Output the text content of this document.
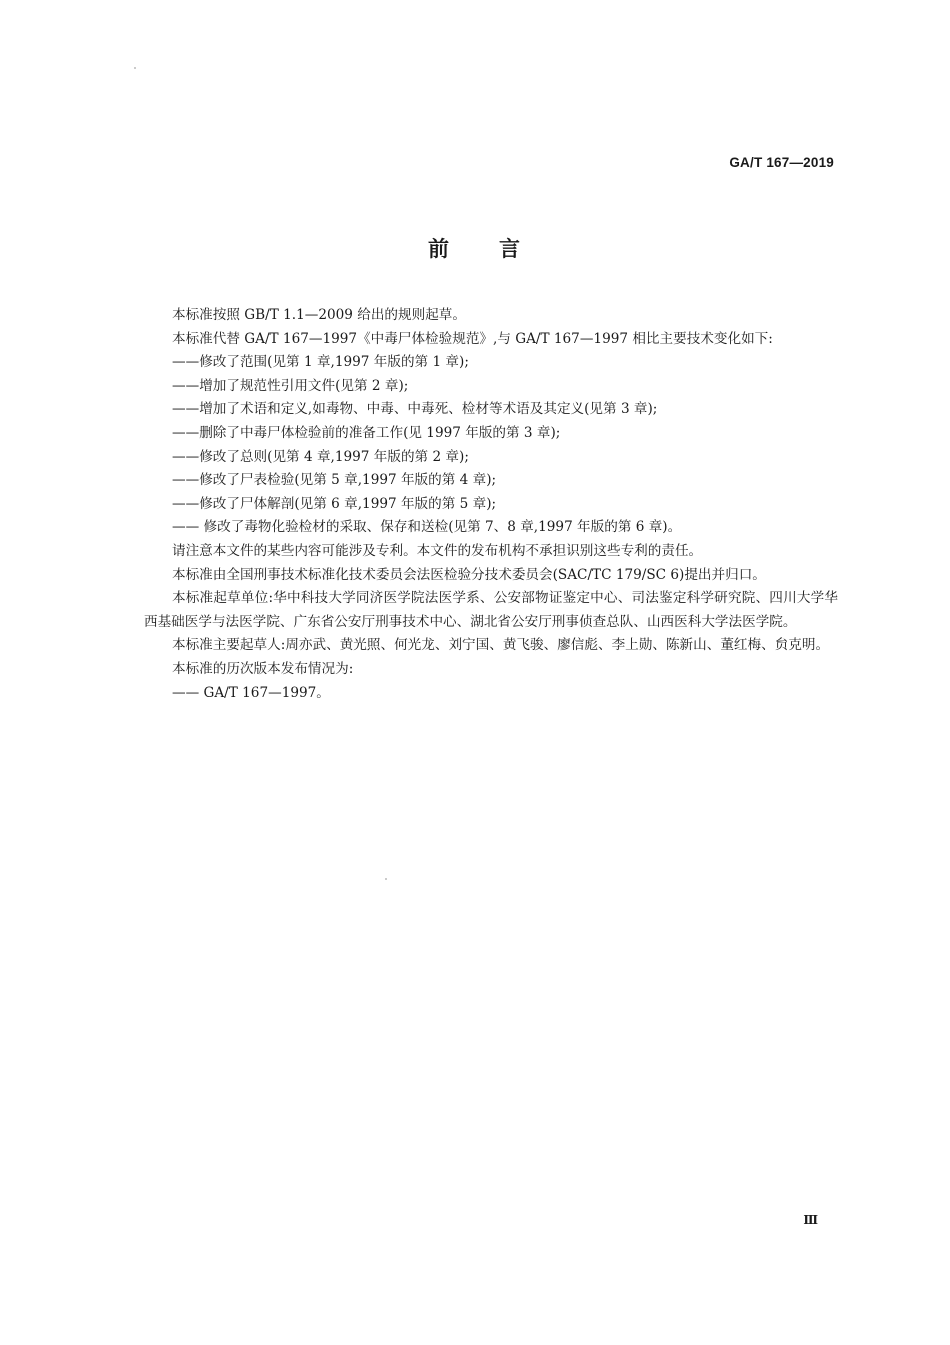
GA/T 167—2019
前 言

本标准按照 GB/T 1.1—2009 给出的规则起草。

本标准代替 GA/T 167—1997《中毒尸体检验规范》,与 GA/T 167—1997 相比主要技术变化如下:

——修改了范围(见第 1 章,1997 年版的第 1 章);

——增加了规范性引用文件(见第 2 章);

——增加了术语和定义,如毒物、中毒、中毒死、检材等术语及其定义(见第 3 章);

——删除了中毒尸体检验前的准备工作(见 1997 年版的第 3 章);

——修改了总则(见第 4 章,1997 年版的第 2 章);

——修改了尸表检验(见第 5 章,1997 年版的第 4 章);

——修改了尸体解剖(见第 6 章,1997 年版的第 5 章);

—— 修改了毒物化验检材的采取、保存和送检(见第 7、8 章,1997 年版的第 6 章)。

请注意本文件的某些内容可能涉及专利。本文件的发布机构不承担识别这些专利的责任。

本标准由全国刑事技术标准化技术委员会法医检验分技术委员会(SAC/TC 179/SC 6)提出并归口。

本标准起草单位:华中科技大学同济医学院法医学系、公安部物证鉴定中心、司法鉴定科学研究院、四川大学华西基础医学与法医学院、广东省公安厅刑事技术中心、湖北省公安厅刑事侦查总队、山西医科大学法医学院。

本标准主要起草人:周亦武、黄光照、何光龙、刘宁国、黄飞骏、廖信彪、李上勋、陈新山、董红梅、贠克明。

本标准的历次版本发布情况为:

—— GA/T 167—1997。

Ⅲ
